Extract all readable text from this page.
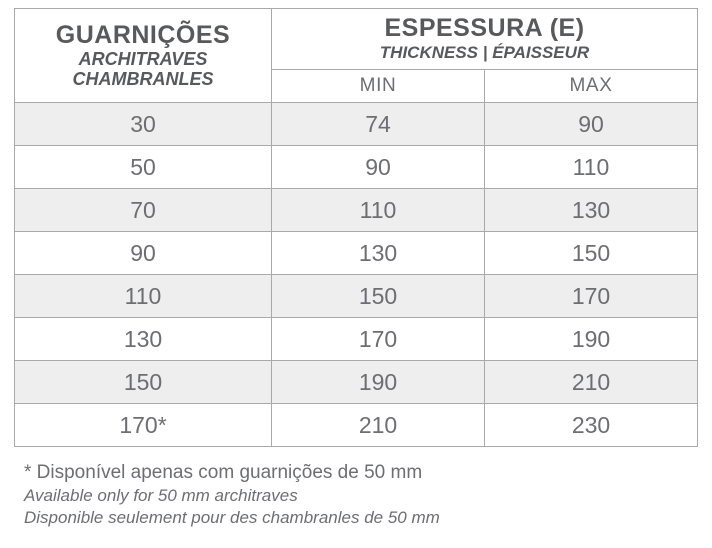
GUARNIÇÕES
ARCHITRAVES
CHAMBRANLES

ESPESSURA (E)
THICKNESS | ÉPAISSEUR

	MIN	MAX
30	74	90
50	90	110
70	110	130
90	130	150
110	150	170
130	170	190
150	190	210
170*	210	230
* Disponível apenas com guarnições de 50 mm
Available only for 50 mm architraves
Disponible seulement pour des chambranles de 50 mm
